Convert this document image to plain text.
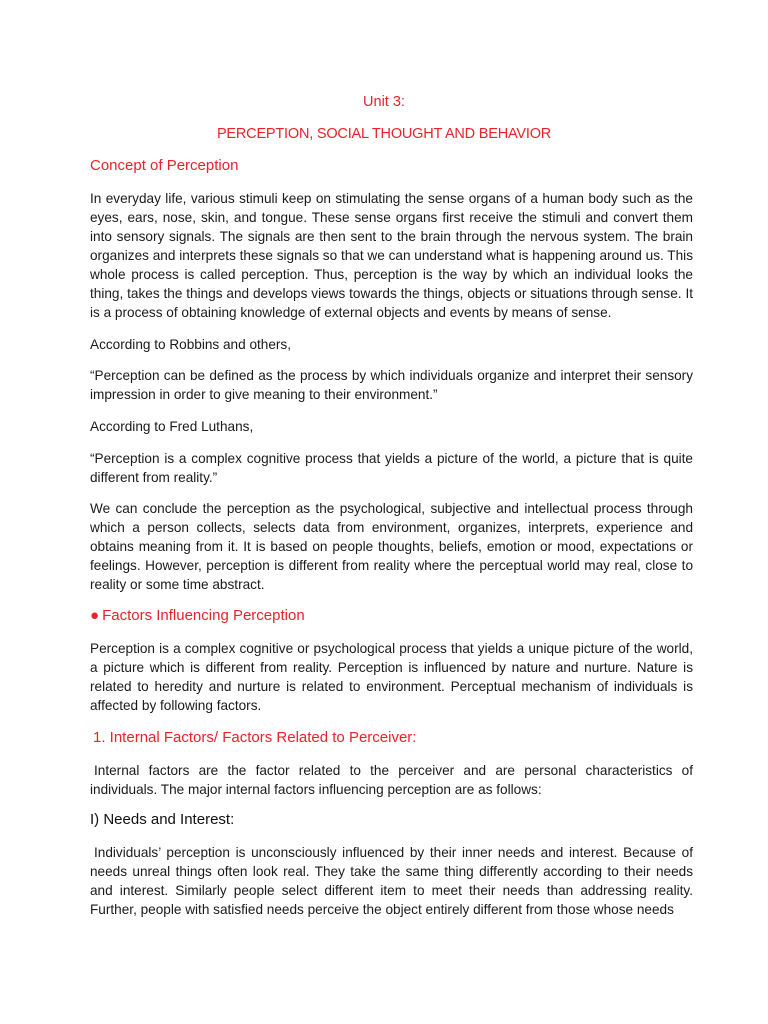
Unit 3:
PERCEPTION, SOCIAL THOUGHT AND BEHAVIOR
Concept of Perception

In everyday life, various stimuli keep on stimulating the sense organs of a human body such as the eyes, ears, nose, skin, and tongue. These sense organs first receive the stimuli and convert them into sensory signals. The signals are then sent to the brain through the nervous system. The brain organizes and interprets these signals so that we can understand what is happening around us. This whole process is called perception. Thus, perception is the way by which an individual looks the thing, takes the things and develops views towards the things, objects or situations through sense. It is a process of obtaining knowledge of external objects and events by means of sense.

According to Robbins and others,

“Perception can be defined as the process by which individuals organize and interpret their sensory impression in order to give meaning to their environment.”

According to Fred Luthans,

“Perception is a complex cognitive process that yields a picture of the world, a picture that is quite different from reality.”

We can conclude the perception as the psychological, subjective and intellectual process through which a person collects, selects data from environment, organizes, interprets, experience and obtains meaning from it. It is based on people thoughts, beliefs, emotion or mood, expectations or feelings. However, perception is different from reality where the perceptual world may real, close to reality or some time abstract.

● Factors Influencing Perception

Perception is a complex cognitive or psychological process that yields a unique picture of the world, a picture which is different from reality. Perception is influenced by nature and nurture. Nature is related to heredity and nurture is related to environment. Perceptual mechanism of individuals is affected by following factors.

1. Internal Factors/ Factors Related to Perceiver:

Internal factors are the factor related to the perceiver and are personal characteristics of individuals. The major internal factors influencing perception are as follows:

I) Needs and Interest:

Individuals’ perception is unconsciously influenced by their inner needs and interest. Because of needs unreal things often look real. They take the same thing differently according to their needs and interest. Similarly people select different item to meet their needs than addressing reality. Further, people with satisfied needs perceive the object entirely different from those whose needs
